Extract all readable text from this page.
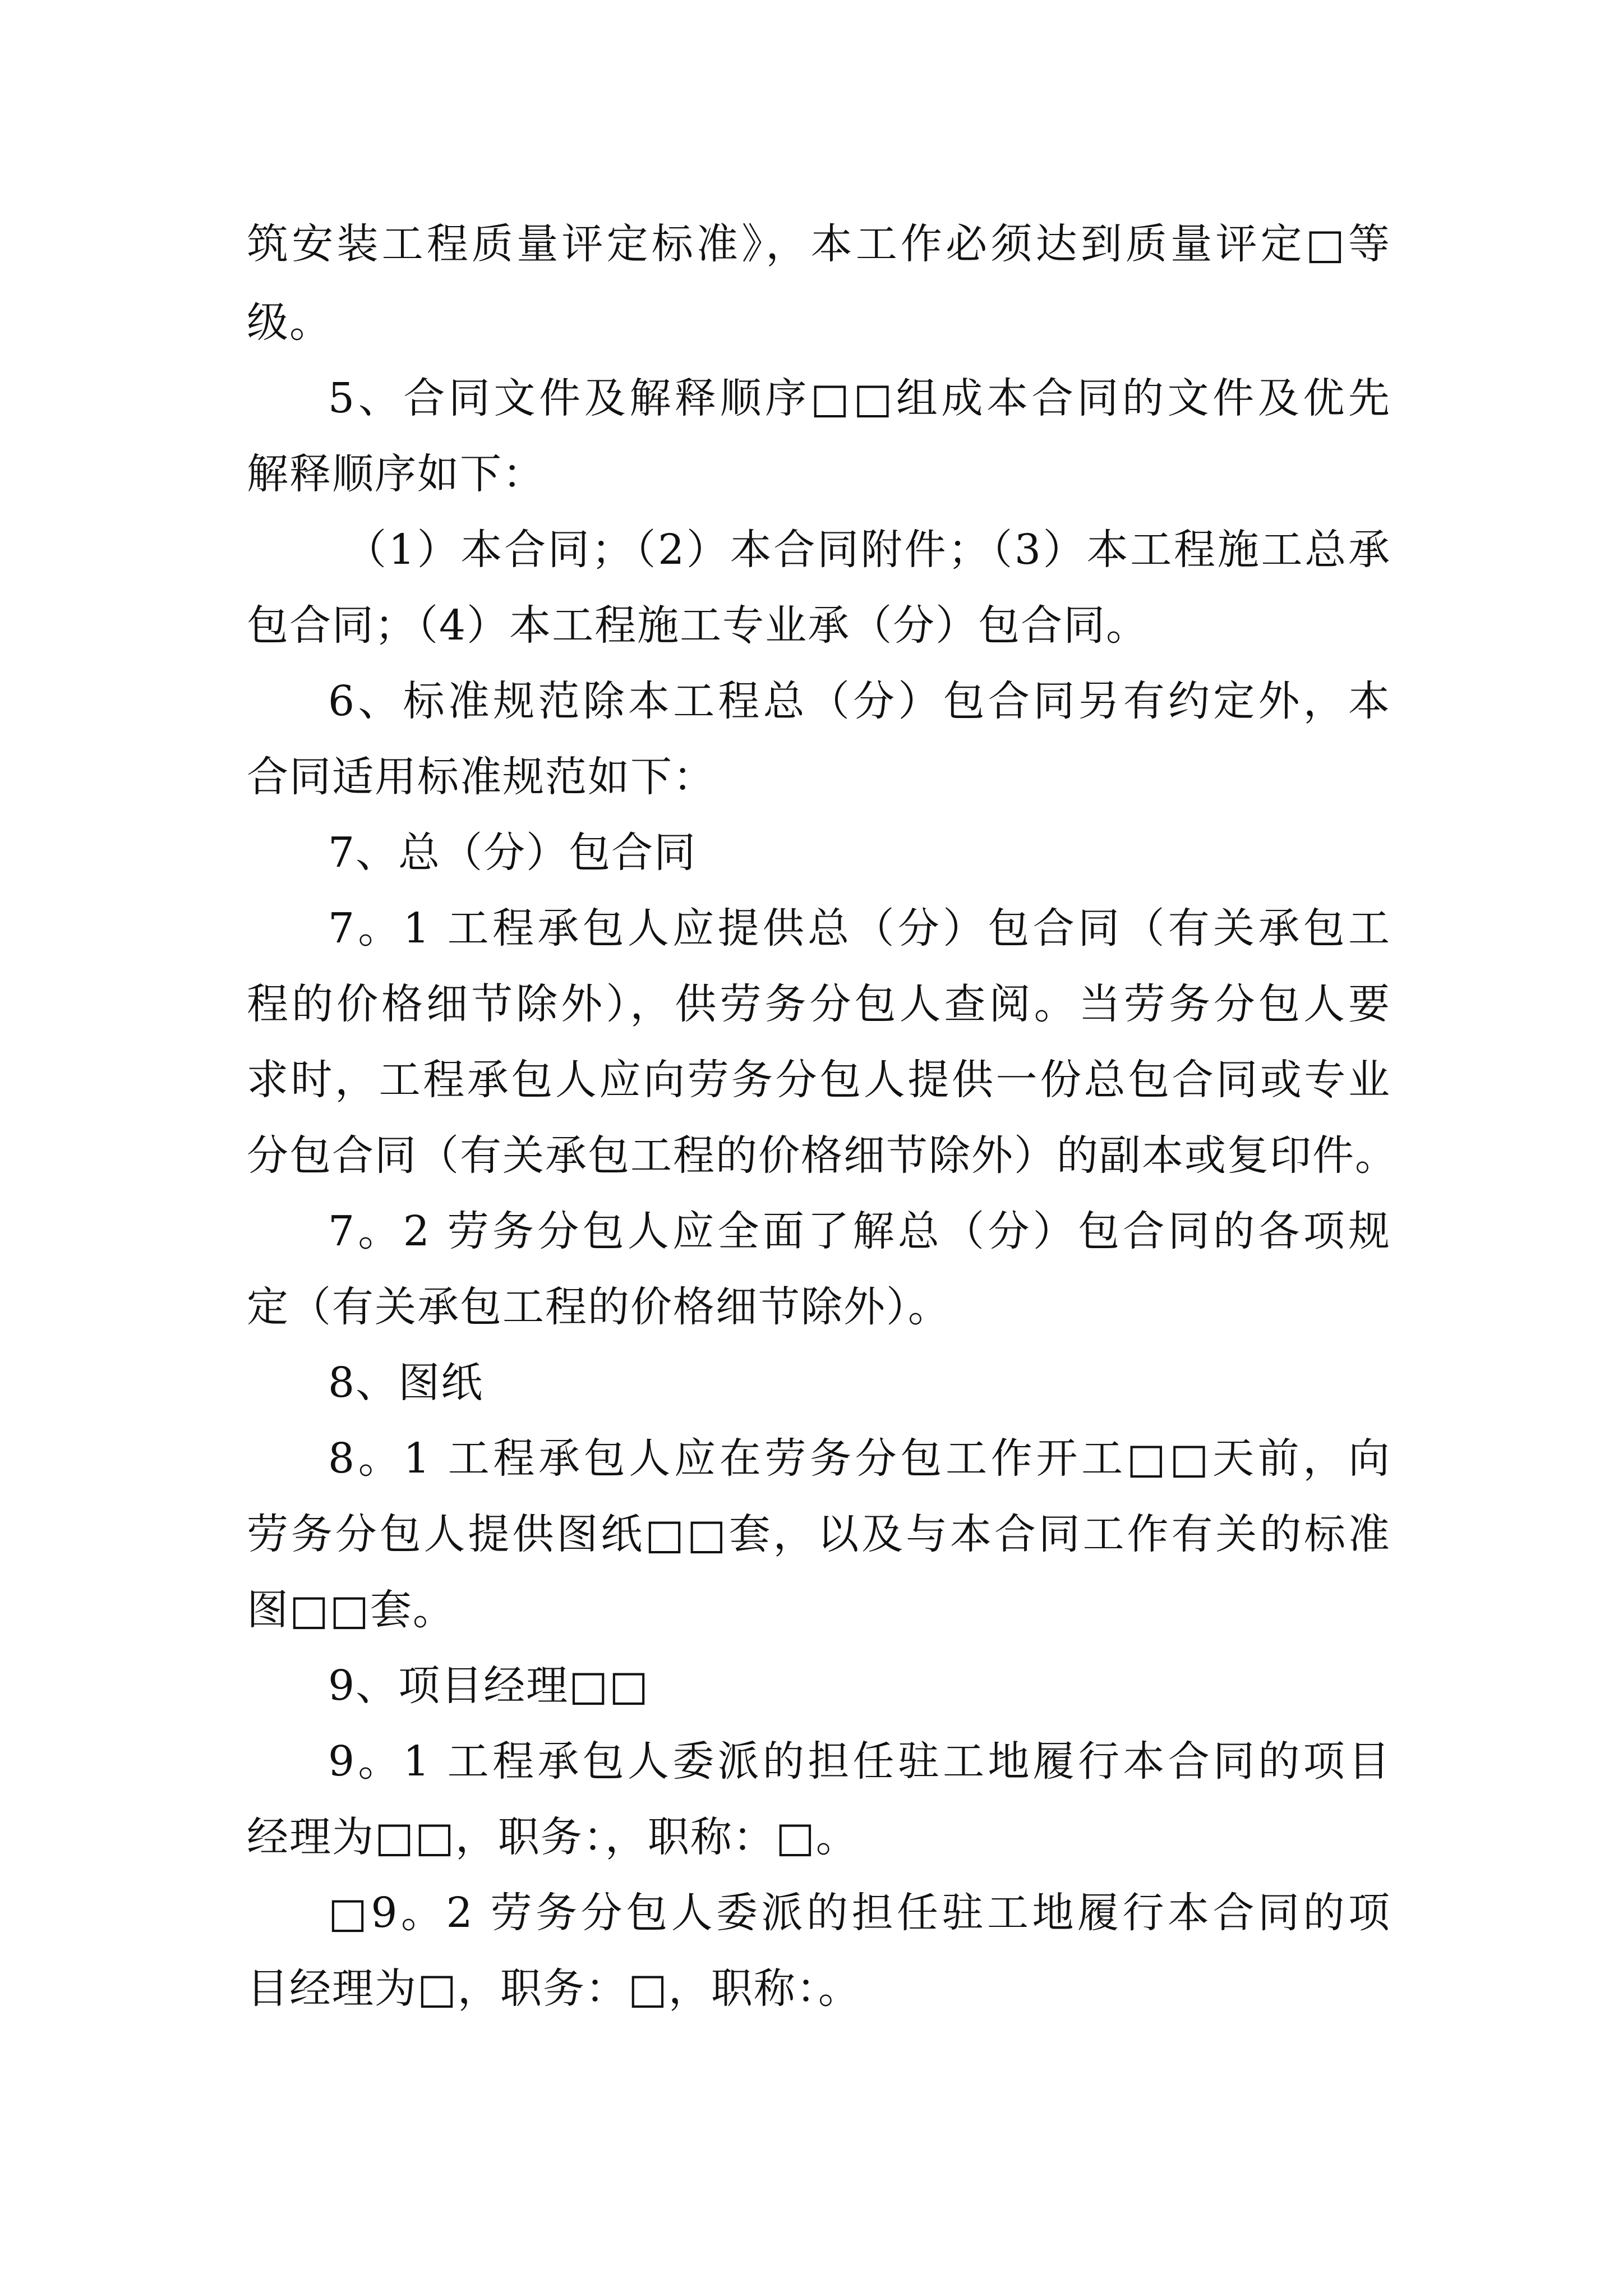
筑安装工程质量评定标准》，本工作必须达到质量评定□等
级。
5、合同文件及解释顺序□□组成本合同的文件及优先
解释顺序如下：
（1）本合同；（2）本合同附件；（3）本工程施工总承
包合同；（4）本工程施工专业承（分）包合同。
6、标准规范除本工程总（分）包合同另有约定外，本
合同适用标准规范如下：
7、总（分）包合同
7。1 工程承包人应提供总（分）包合同（有关承包工
程的价格细节除外），供劳务分包人查阅。当劳务分包人要
求时，工程承包人应向劳务分包人提供一份总包合同或专业
分包合同（有关承包工程的价格细节除外）的副本或复印件。
7。2 劳务分包人应全面了解总（分）包合同的各项规
定（有关承包工程的价格细节除外）。
8、图纸
8。1 工程承包人应在劳务分包工作开工□□天前，向
劳务分包人提供图纸□□套，以及与本合同工作有关的标准
图□□套。
9、项目经理□□
9。1 工程承包人委派的担任驻工地履行本合同的项目
经理为□□，职务：，职称：□。
□9。2 劳务分包人委派的担任驻工地履行本合同的项
目经理为□，职务：□，职称：。
